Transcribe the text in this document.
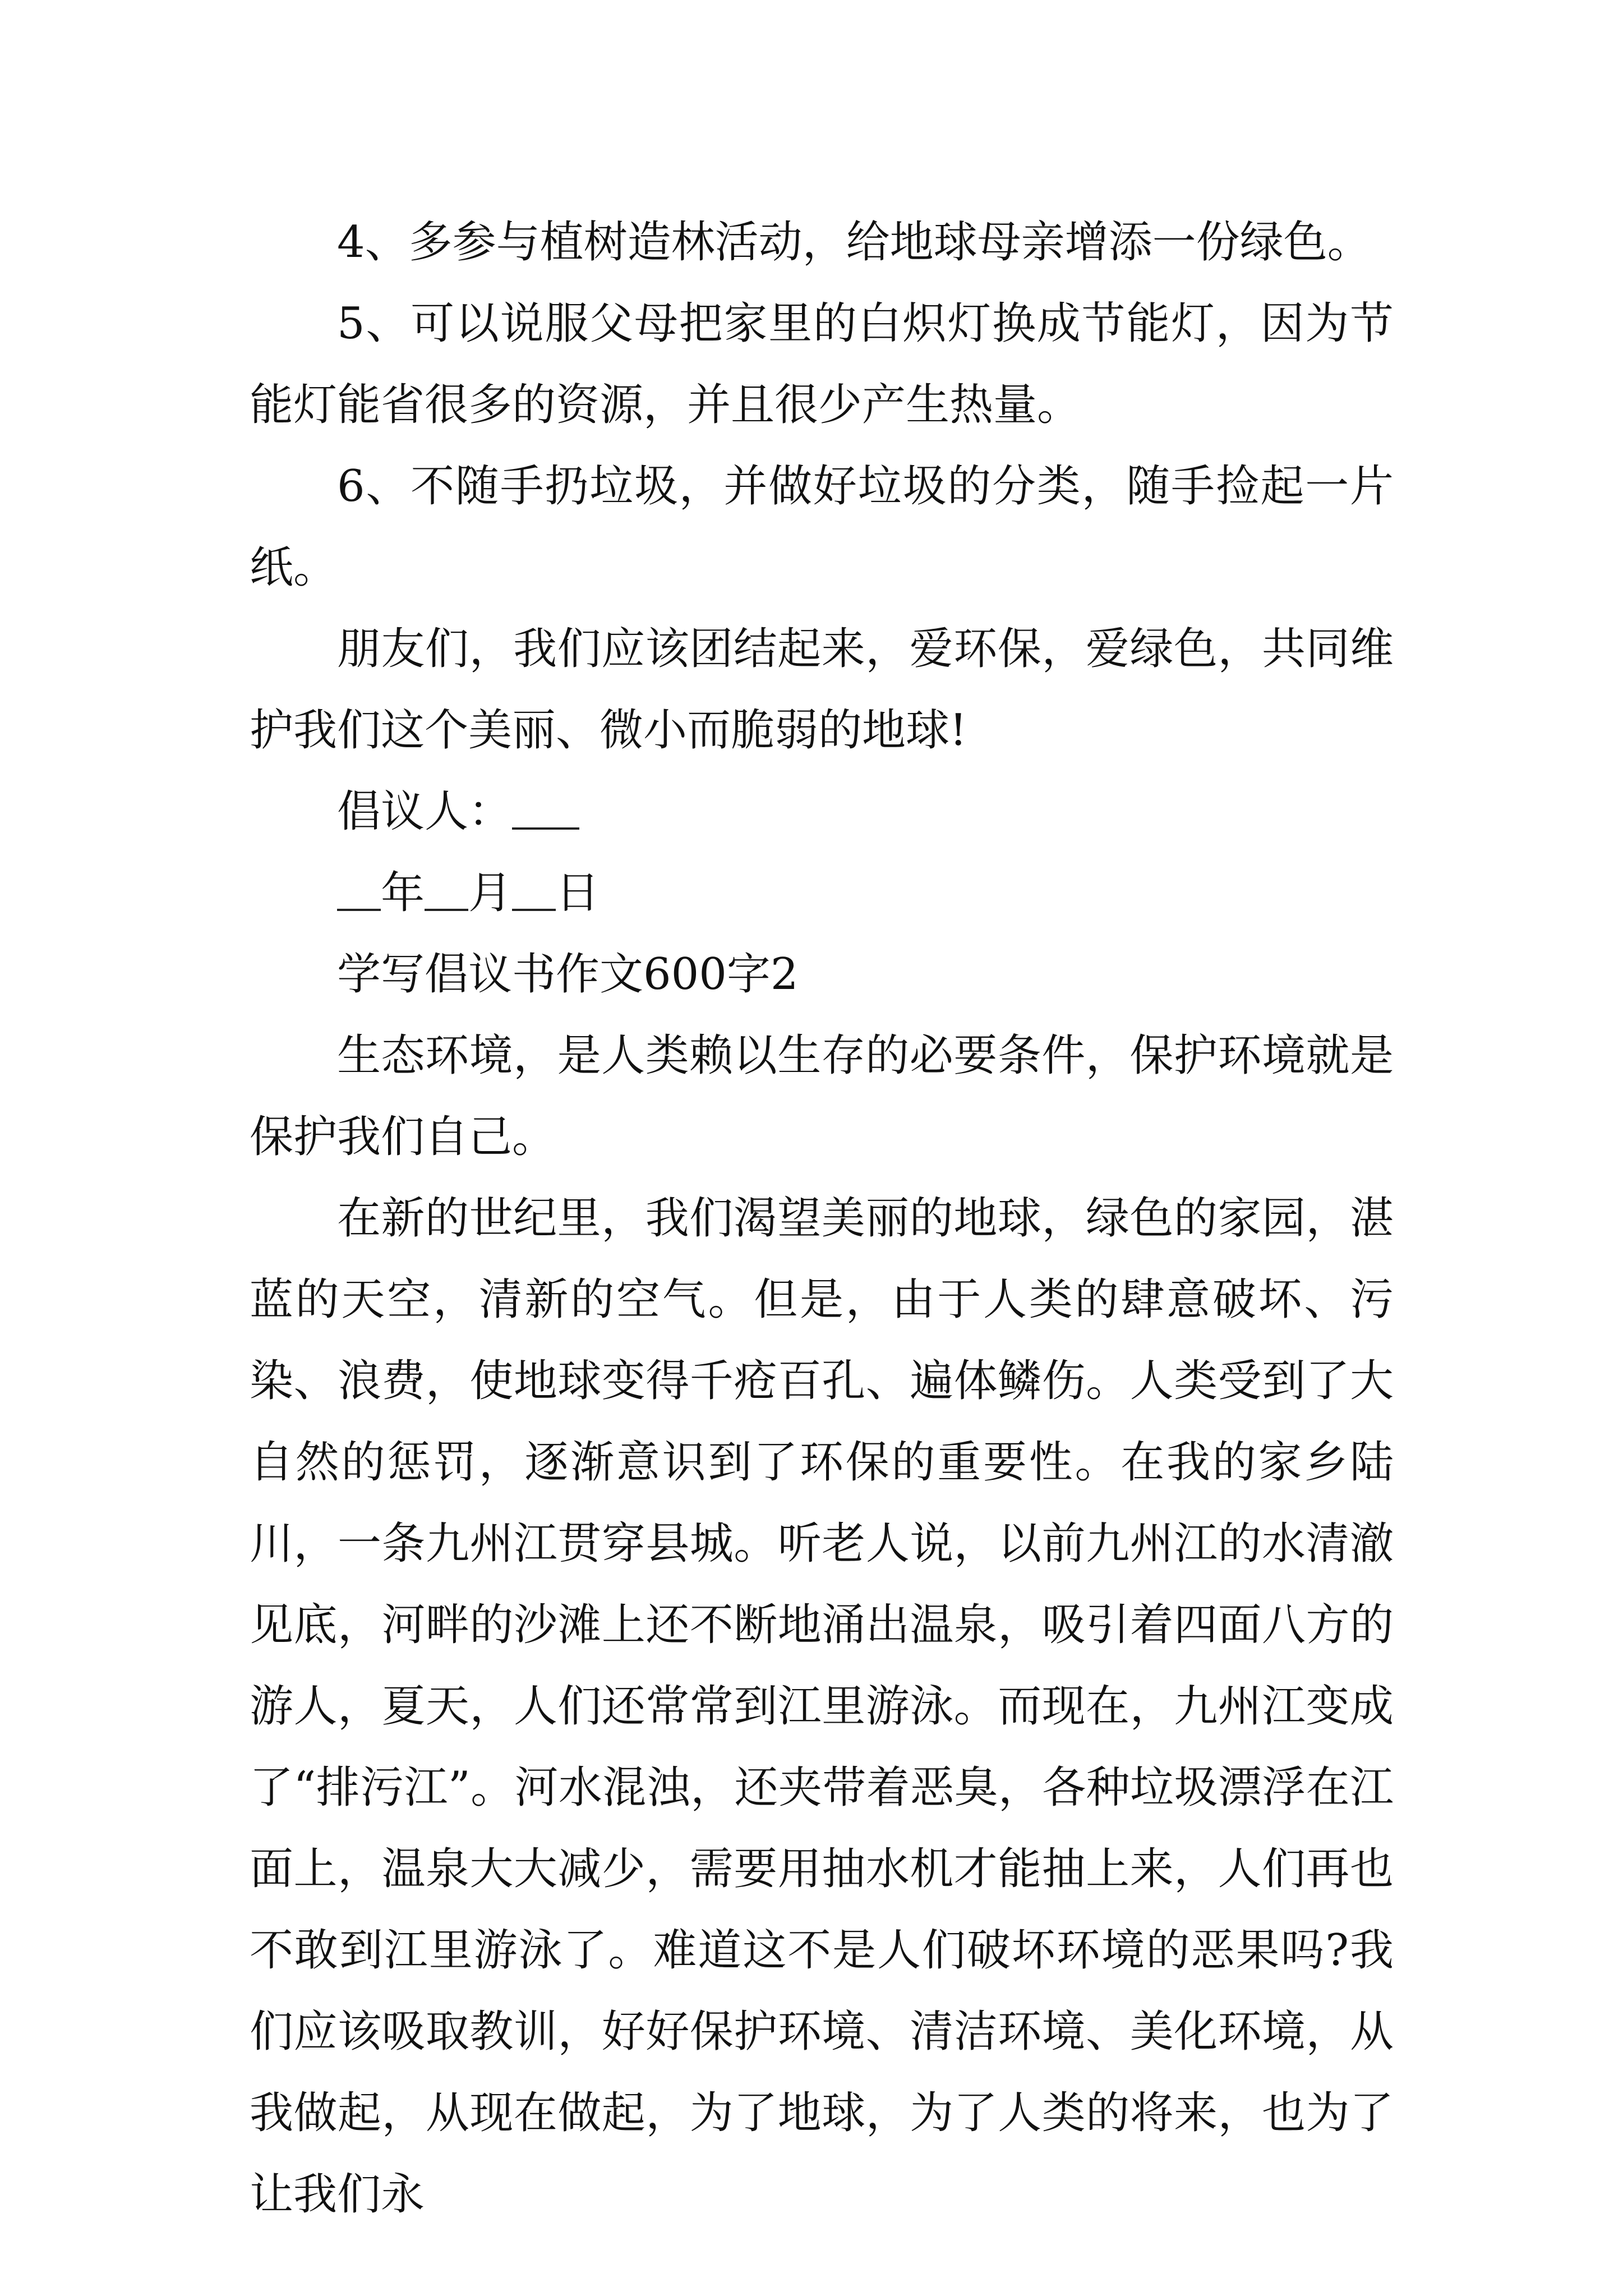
4、多参与植树造林活动，给地球母亲增添一份绿色。

5、可以说服父母把家里的白炽灯换成节能灯，因为节能灯能省很多的资源，并且很少产生热量。

6、不随手扔垃圾，并做好垃圾的分类，随手捡起一片纸。

朋友们，我们应该团结起来，爱环保，爱绿色，共同维护我们这个美丽、微小而脆弱的地球!

倡议人：

年 月 日

学写倡议书作文600字2

生态环境，是人类赖以生存的必要条件，保护环境就是保护我们自己。

在新的世纪里，我们渴望美丽的地球，绿色的家园，湛蓝的天空，清新的空气。但是，由于人类的肆意破坏、污染、浪费，使地球变得千疮百孔、遍体鳞伤。人类受到了大自然的惩罚，逐渐意识到了环保的重要性。在我的家乡陆川，一条九州江贯穿县城。听老人说，以前九州江的水清澈见底，河畔的沙滩上还不断地涌出温泉，吸引着四面八方的游人，夏天，人们还常常到江里游泳。而现在，九州江变成了“排污江”。河水混浊，还夹带着恶臭，各种垃圾漂浮在江面上，温泉大大减少，需要用抽水机才能抽上来，人们再也不敢到江里游泳了。难道这不是人们破坏环境的恶果吗?我们应该吸取教训，好好保护环境、清洁环境、美化环境，从我做起，从现在做起，为了地球，为了人类的将来，也为了让我们永
